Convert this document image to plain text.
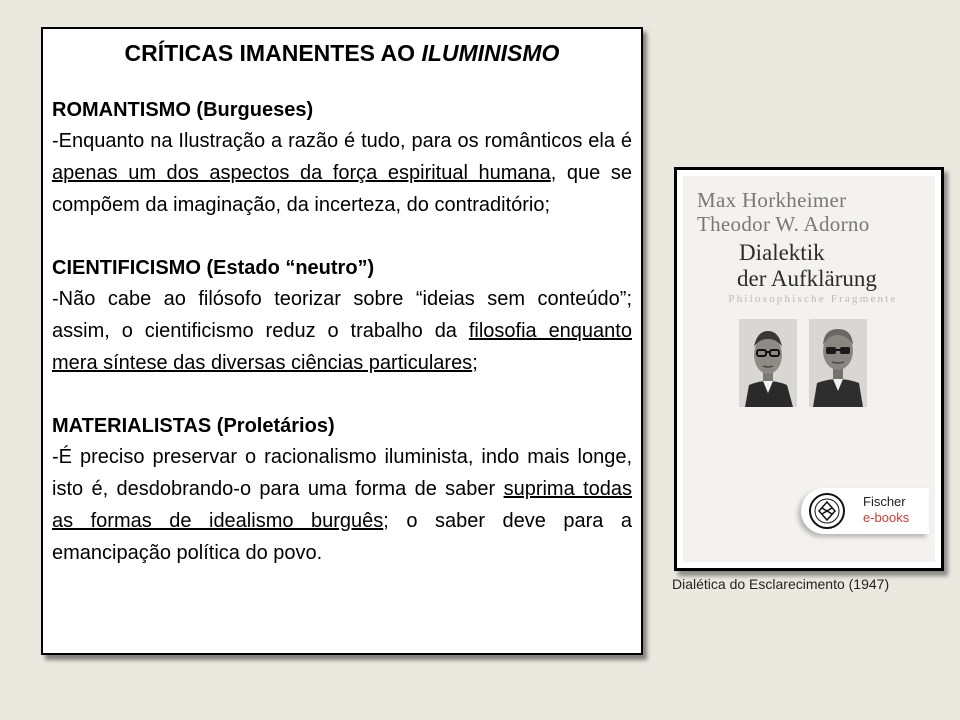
CRÍTICAS IMANENTES AO ILUMINISMO

ROMANTISMO (Burgueses)

-Enquanto na Ilustração a razão é tudo, para os românticos ela é apenas um dos aspectos da força espiritual humana, que se compõem da imaginação, da incerteza, do contraditório;

CIENTIFICISMO (Estado “neutro”)

-Não cabe ao filósofo teorizar sobre “ideias sem conteúdo”; assim, o cientificismo reduz o trabalho da filosofia enquanto mera síntese das diversas ciências particulares;

MATERIALISTAS (Proletários)

-É preciso preservar o racionalismo iluminista, indo mais longe, isto é, desdobrando-o para uma forma de saber suprima todas as formas de idealismo burguês; o saber deve para a emancipação política do povo.

Max Horkheimer
Theodor W. Adorno
Dialektik
der Aufklärung
Philosophische Fragmente
Fischer
e-books
Dialética do Esclarecimento (1947)
